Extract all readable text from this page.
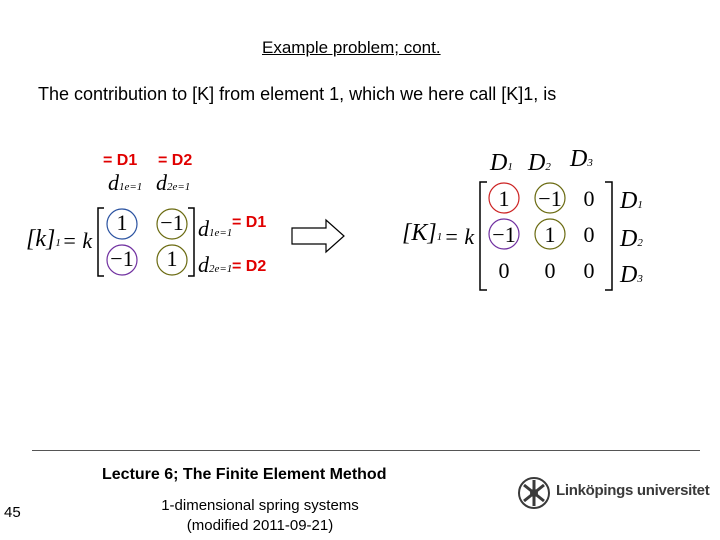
Example problem; cont.
The contribution to [K] from element 1, which we here call [K]1, is
= D1 = D2
= D1
= D2
d1e=1 d2e=1
[k]1 = k
1	−1
−1	1
d1e=1
d2e=1
D1 D2 D3
[K]1 = k
1	−1 0
−1	1	0
0	0	0
D1
D2
D3
Lecture 6; The Finite Element Method
45	1-dimensional spring systems
(modified 2011-09-21)
Linköpings universitet
